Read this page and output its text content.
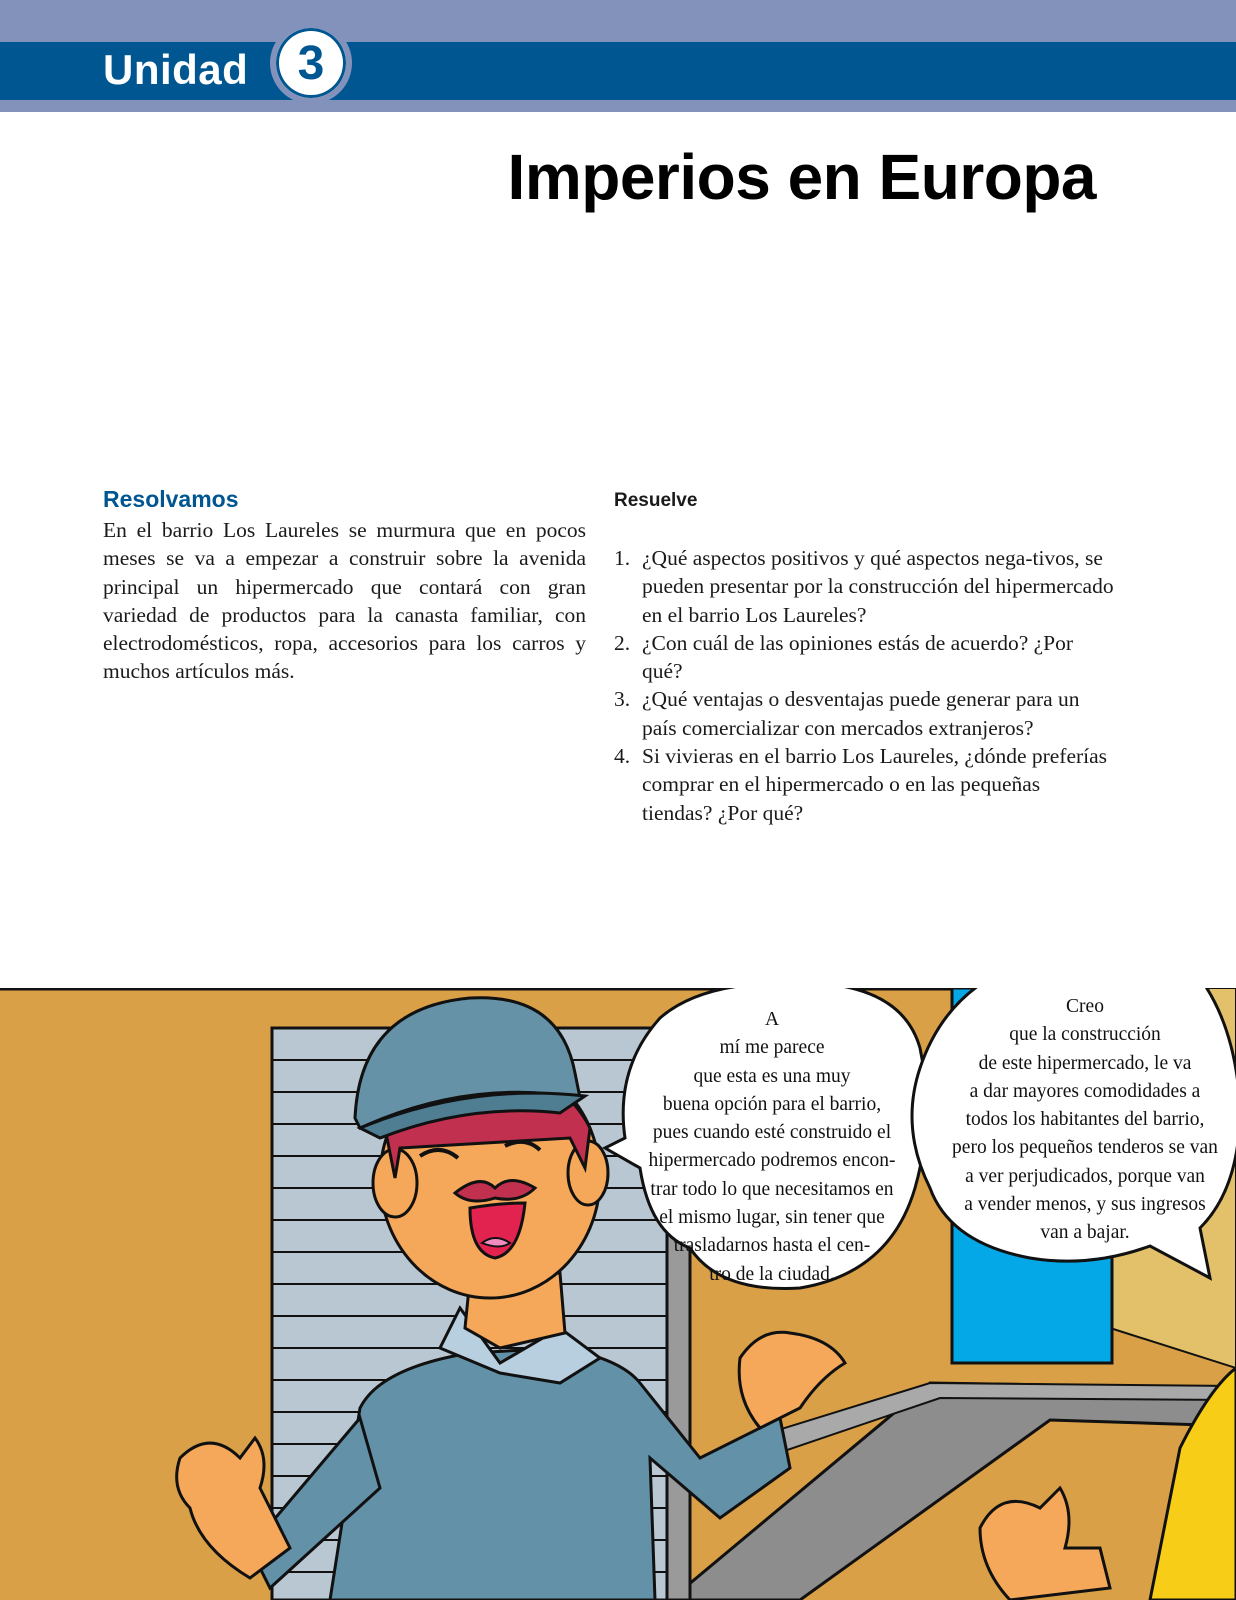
Unidad	3
Imperios en Europa
Resolvamos

En el barrio Los Laureles se murmura que en pocos meses se va a empezar a construir sobre la avenida principal un hipermercado que contará con gran variedad de productos para la canasta familiar, con electrodomésticos, ropa, accesorios para los carros y muchos artículos más.

Resuelve
1. ¿Qué aspectos positivos y qué aspectos nega-tivos, se pueden presentar por la construcción del hipermercado en el barrio Los Laureles?
2. ¿Con cuál de las opiniones estás de acuerdo? ¿Por qué?
3. ¿Qué ventajas o desventajas puede generar para un país comercializar con mercados extranjeros?
4. Si vivieras en el barrio Los Laureles, ¿dónde preferías comprar en el hipermercado o en las pequeñas tiendas? ¿Por qué?
A
mí me parece
que esta es una muy
buena opción para el barrio,
pues cuando esté construido el
hipermercado podremos encon-
trar todo lo que necesitamos en
el mismo lugar, sin tener que
trasladarnos hasta el cen-
tro de la ciudad.
Creo
que la construcción
de este hipermercado, le va
a dar mayores comodidades a
todos los habitantes del barrio,
pero los pequeños tenderos se van
a ver perjudicados, porque van
a vender menos, y sus ingresos
van a bajar.
